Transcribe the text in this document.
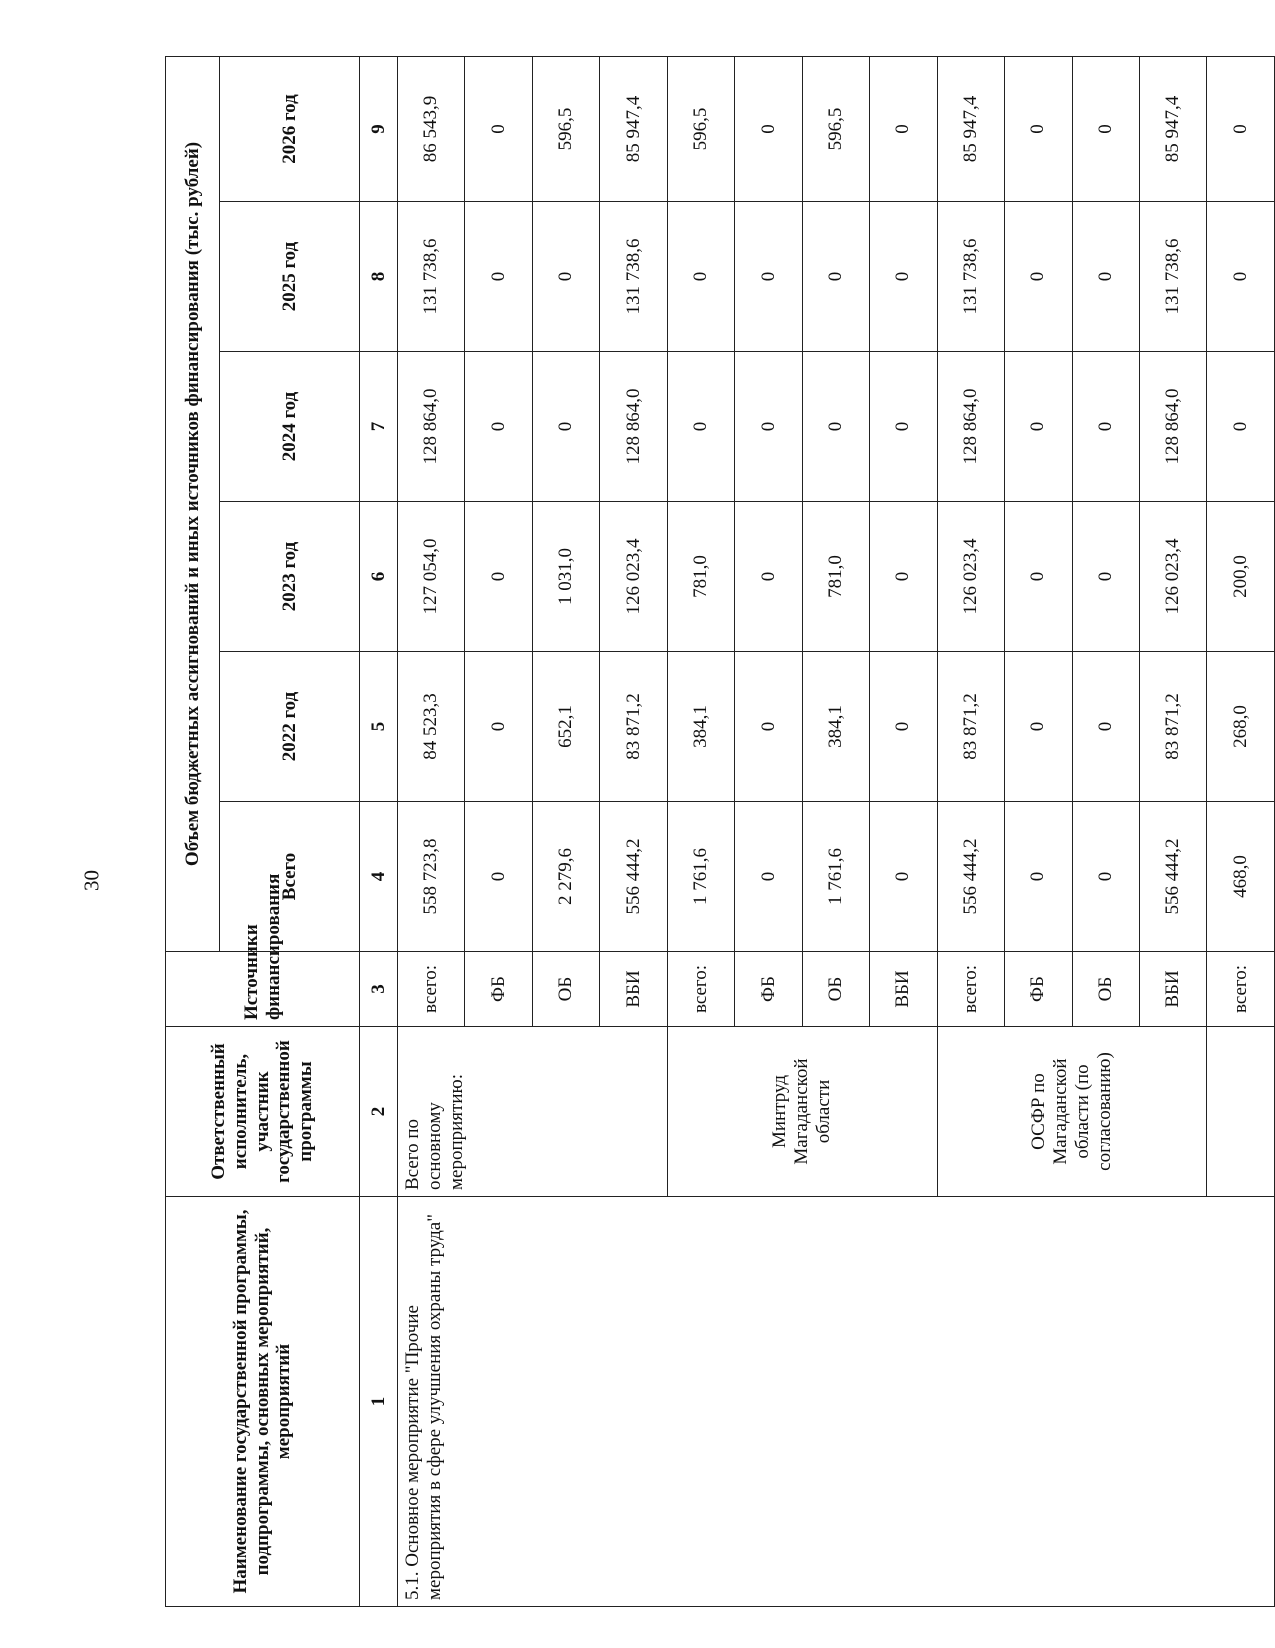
30
Наименование государственной программы, подпрограммы, основных мероприятий, мероприятий	Ответственный исполнитель, участник государственной программы	Источники финансирования	Объем бюджетных ассигнований и иных источников финансирования (тыс. рублей)					
			Всего	2022 год	2023 год	2024 год	2025 год	2026 год
1	2	3	4	5	6	7	8	9
5.1. Основное мероприятие "Прочие мероприятия в сфере улучшения охраны труда"	Всего по основному мероприятию:	всего:	558 723,8	84 523,3	127 054,0	128 864,0	131 738,6	86 543,9
		ФБ	0	0	0	0	0	0
		ОБ	2 279,6	652,1	1 031,0	0	0	596,5
		ВБИ	556 444,2	83 871,2	126 023,4	128 864,0	131 738,6	85 947,4
	Минтруд Магаданской области	всего:	1 761,6	384,1	781,0	0	0	596,5
		ФБ	0	0	0	0	0	0
		ОБ	1 761,6	384,1	781,0	0	0	596,5
		ВБИ	0	0	0	0	0	0
	ОСФР по Магаданской области (по согласованию)	всего:	556 444,2	83 871,2	126 023,4	128 864,0	131 738,6	85 947,4
		ФБ	0	0	0	0	0	0
		ОБ	0	0	0	0	0	0
		ВБИ	556 444,2	83 871,2	126 023,4	128 864,0	131 738,6	85 947,4
		всего:	468,0	268,0	200,0	0	0	0
